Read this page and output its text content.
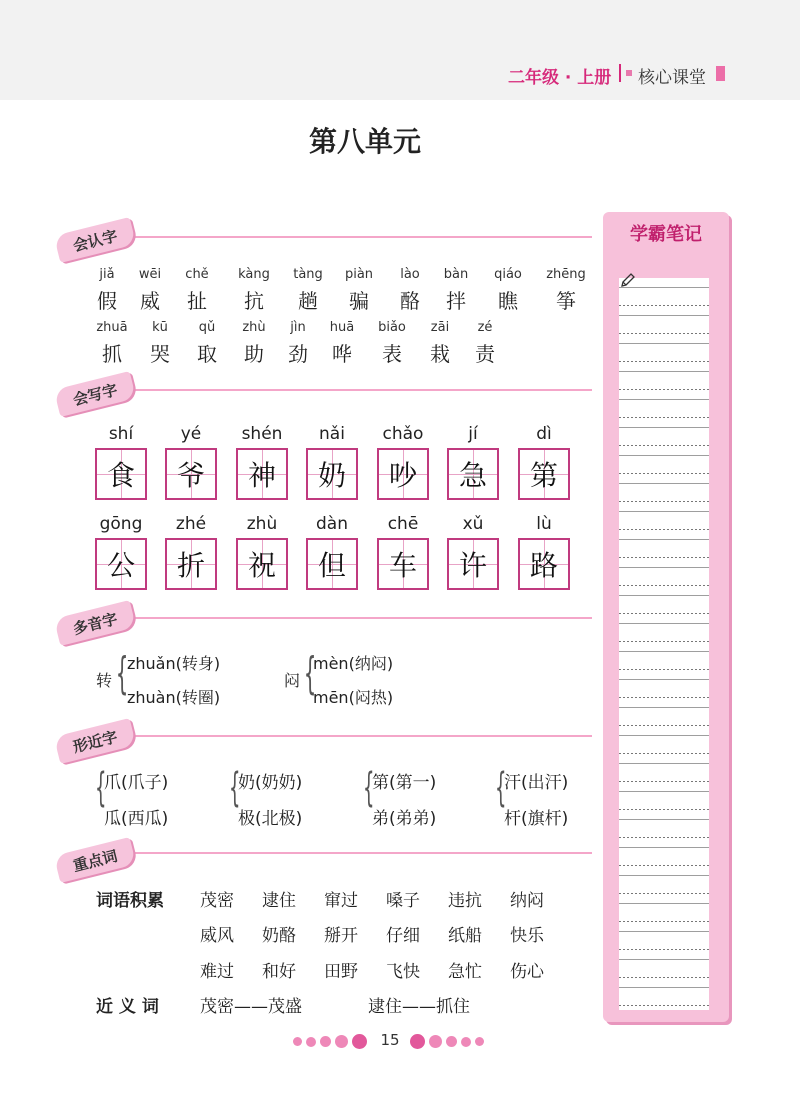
二年级 · 上册 核心课堂
第八单元
会认字
jiǎ
假
wēi
威
chě
扯
kàng
抗
tàng
趟
piàn
骗
lào
酪
bàn
拌
qiáo
瞧
zhēng
筝
zhuā
抓
kū
哭
qǔ
取
zhù
助
jìn
劲
huā
哗
biǎo
表
zāi
栽
zé
责
会写字
shí
食
yé
爷
shén
神
nǎi
奶
chǎo
吵
jí
急
dì
第
gōng
公
zhé
折
zhù
祝
dàn
但
chē
车
xǔ
许
lù
路
多音字
转 {
zhuǎn(转身)
zhuàn(转圈)
闷 {
mèn(纳闷)
mēn(闷热)
形近字
{
爪(爪子)
瓜(西瓜)
{
奶(奶奶)
极(北极)
{
第(第一)
弟(弟弟)
{
汗(出汗)
杆(旗杆)
重点词
词语积累 茂密 逮住 窜过 嗓子 违抗 纳闷
威风 奶酪 掰开 仔细 纸船 快乐
难过 和好 田野 飞快 急忙 伤心
近 义 词 茂密——茂盛	逮住——抓住
学霸笔记
15
